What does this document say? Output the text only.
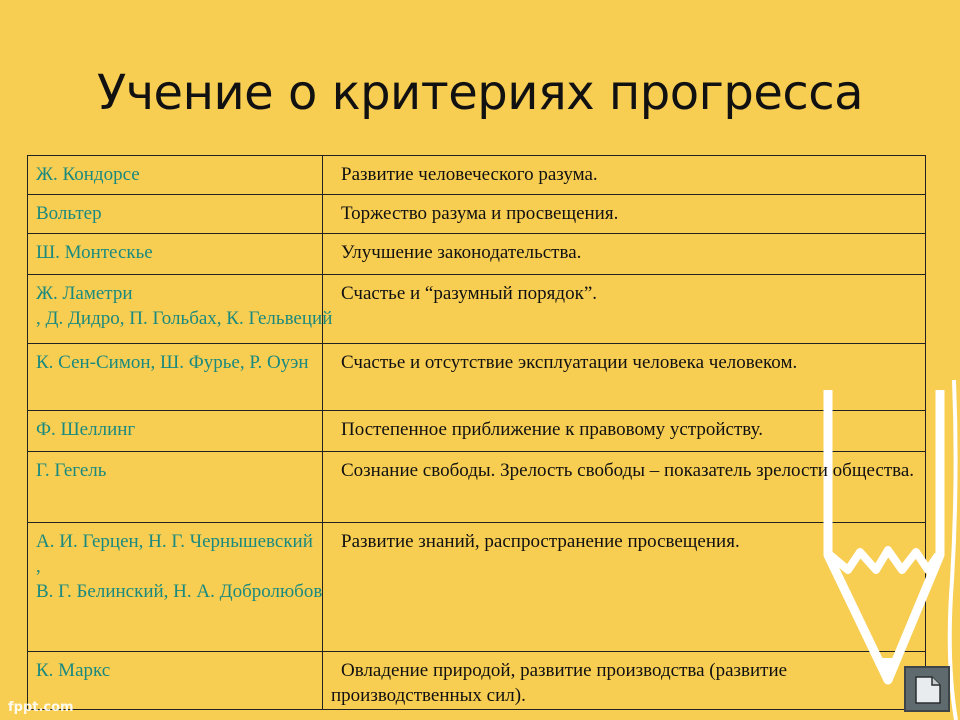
Учение о критериях прогресса
Ж. Кондорсе	Развитие человеческого разума.

Вольтер	Торжество разума и просвещения.

Ш. Монтескье	Улучшение законодательства.

Ж. Ламетри
, Д. Дидро, П. Гольбах, К. Гельвеций	Счастье и “разумный порядок”.

К. Сен-Симон, Ш. Фурье, Р. Оуэн	Счастье и отсутствие эксплуатации человека человеком.

Ф. Шеллинг	Постепенное приближение к правовому устройству.

Г. Гегель	Сознание свободы. Зрелость свободы – показатель зрелости общества.

А. И. Герцен, Н. Г. Чернышевский
,
В. Г. Белинский, Н. А. Добролюбов	Развитие знаний, распространение просвещения.

К. Маркс	Овладение природой, развитие производства (развитие производственных сил).
fppt.com
